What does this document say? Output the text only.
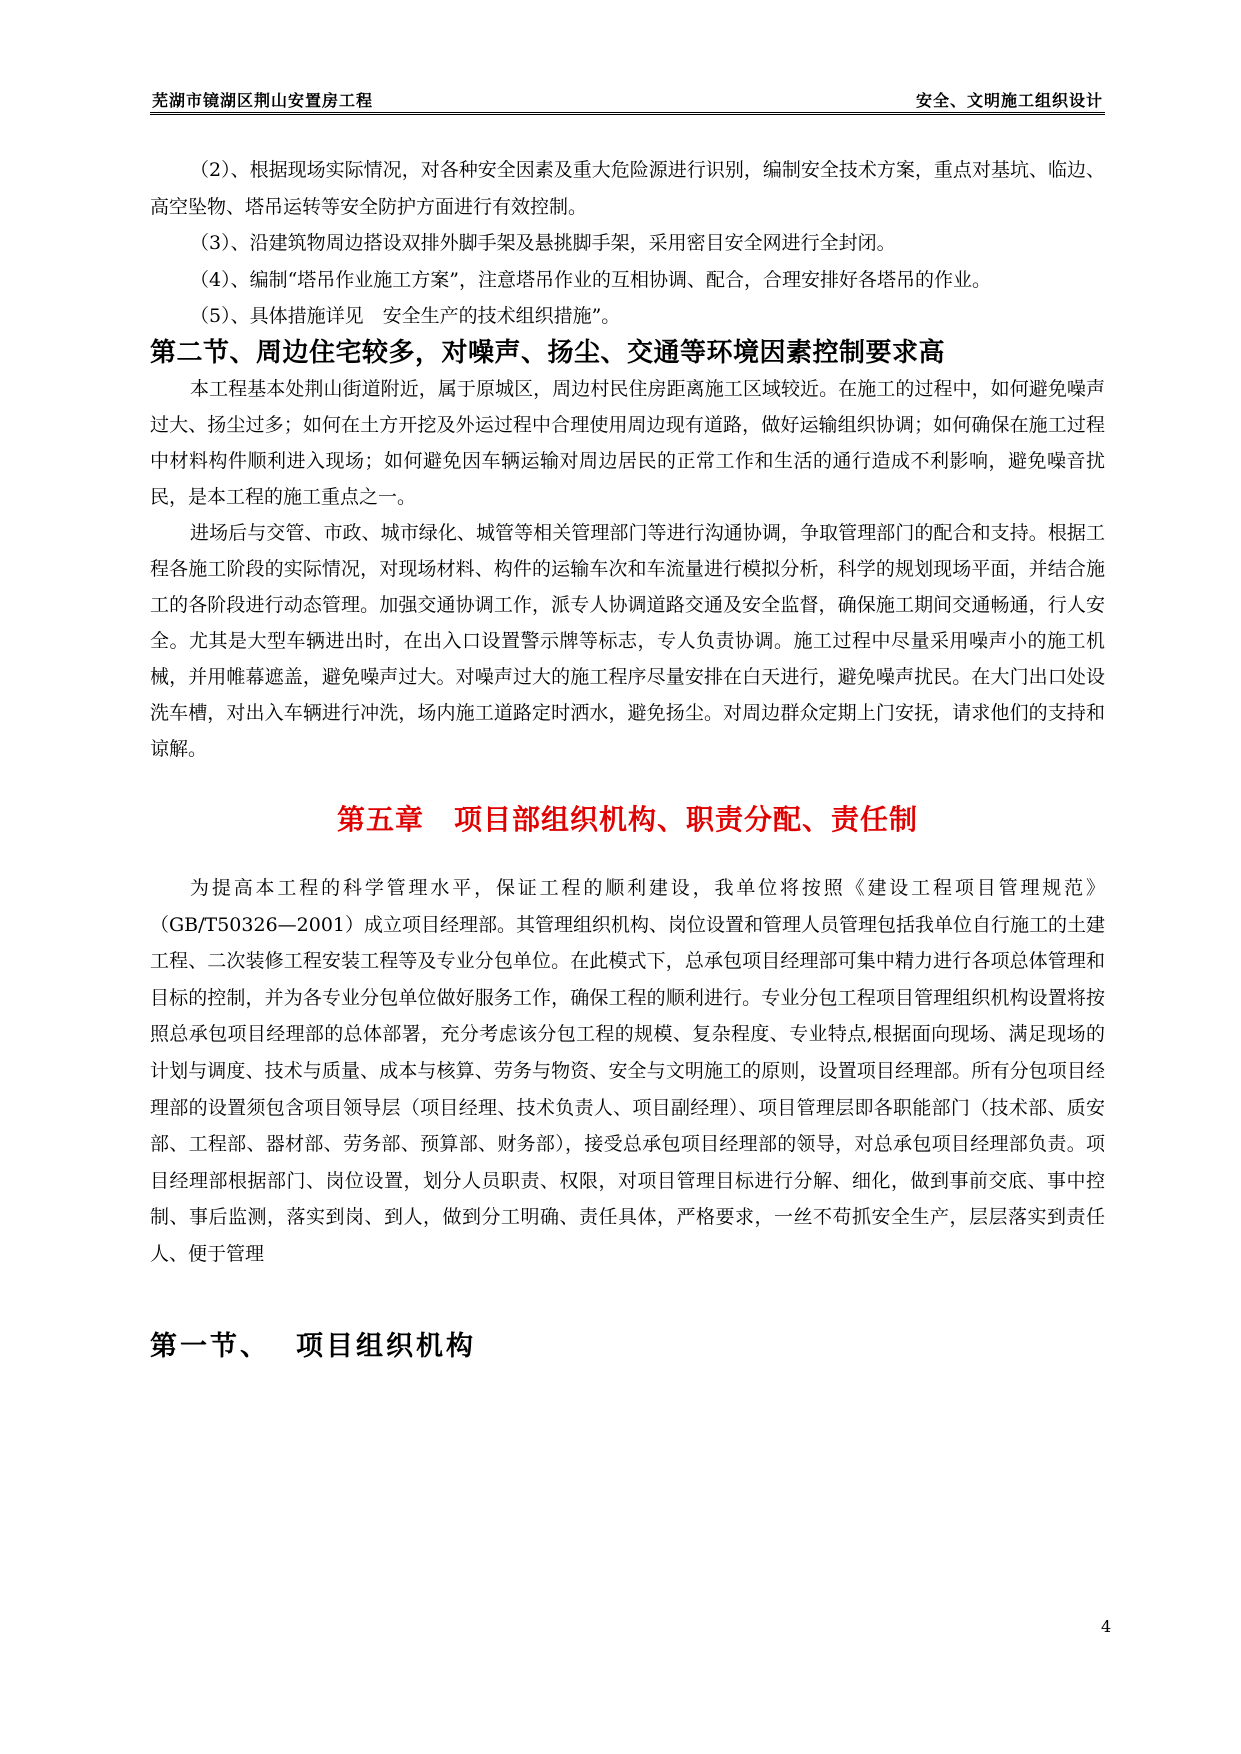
芜湖市镜湖区荆山安置房工程	安全、文明施工组织设计

（2）、根据现场实际情况，对各种安全因素及重大危险源进行识别，编制安全技术方案，重点对基坑、临边、高空坠物、塔吊运转等安全防护方面进行有效控制。

（3）、沿建筑物周边搭设双排外脚手架及悬挑脚手架，采用密目安全网进行全封闭。

（4）、编制“塔吊作业施工方案”，注意塔吊作业的互相协调、配合，合理安排好各塔吊的作业。

（5）、具体措施详见　安全生产的技术组织措施”。

第二节、周边住宅较多，对噪声、扬尘、交通等环境因素控制要求高

本工程基本处荆山街道附近，属于原城区，周边村民住房距离施工区域较近。在施工的过程中，如何避免噪声过大、扬尘过多；如何在土方开挖及外运过程中合理使用周边现有道路，做好运输组织协调；如何确保在施工过程中材料构件顺利进入现场；如何避免因车辆运输对周边居民的正常工作和生活的通行造成不利影响，避免噪音扰民，是本工程的施工重点之一。

进场后与交管、市政、城市绿化、城管等相关管理部门等进行沟通协调，争取管理部门的配合和支持。根据工程各施工阶段的实际情况，对现场材料、构件的运输车次和车流量进行模拟分析，科学的规划现场平面，并结合施工的各阶段进行动态管理。加强交通协调工作，派专人协调道路交通及安全监督，确保施工期间交通畅通，行人安全。尤其是大型车辆进出时，在出入口设置警示牌等标志，专人负责协调。施工过程中尽量采用噪声小的施工机械，并用帷幕遮盖，避免噪声过大。对噪声过大的施工程序尽量安排在白天进行，避免噪声扰民。在大门出口处设洗车槽，对出入车辆进行冲洗，场内施工道路定时洒水，避免扬尘。对周边群众定期上门安抚，请求他们的支持和谅解。

第五章 项目部组织机构、职责分配、责任制

为提高本工程的科学管理水平，保证工程的顺利建设，我单位将按照《建设工程项目管理规范》（GB/T50326—2001）成立项目经理部。其管理组织机构、岗位设置和管理人员管理包括我单位自行施工的土建工程、二次装修工程安装工程等及专业分包单位。在此模式下，总承包项目经理部可集中精力进行各项总体管理和目标的控制，并为各专业分包单位做好服务工作，确保工程的顺利进行。专业分包工程项目管理组织机构设置将按照总承包项目经理部的总体部署，充分考虑该分包工程的规模、复杂程度、专业特点,根据面向现场、满足现场的计划与调度、技术与质量、成本与核算、劳务与物资、安全与文明施工的原则，设置项目经理部。所有分包项目经理部的设置须包含项目领导层（项目经理、技术负责人、项目副经理）、项目管理层即各职能部门（技术部、质安部、工程部、器材部、劳务部、预算部、财务部），接受总承包项目经理部的领导，对总承包项目经理部负责。项目经理部根据部门、岗位设置，划分人员职责、权限，对项目管理目标进行分解、细化，做到事前交底、事中控制、事后监测，落实到岗、到人，做到分工明确、责任具体，严格要求，一丝不苟抓安全生产，层层落实到责任人、便于管理

第一节、 项目组织机构
4
